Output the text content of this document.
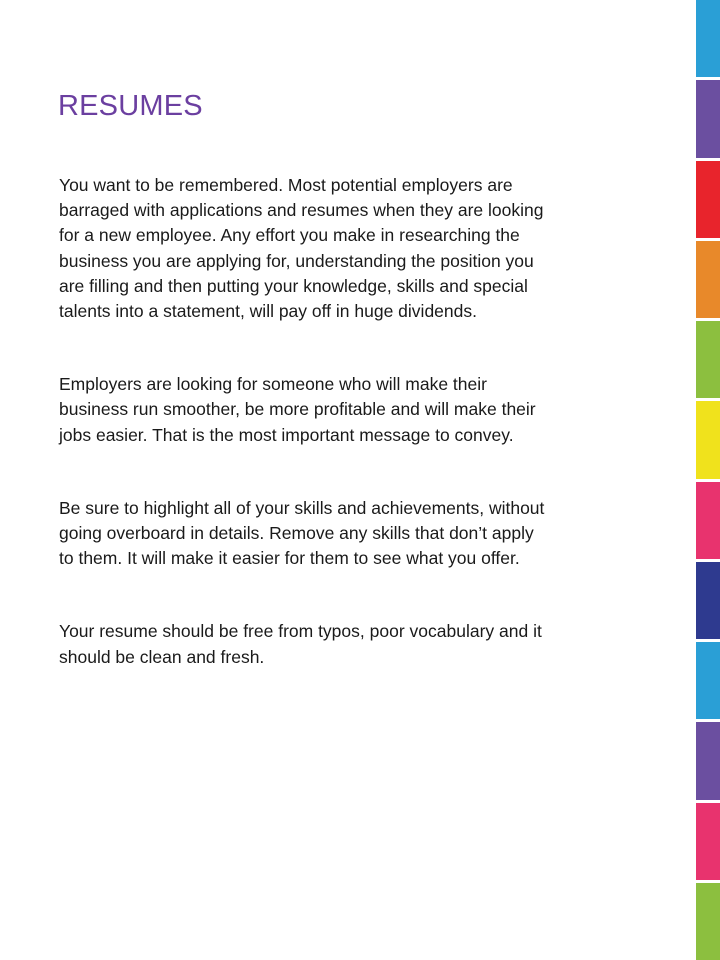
RESUMES

You want to be remembered. Most potential employers are
barraged with applications and resumes when they are looking
for a new employee. Any effort you make in researching the
business you are applying for, understanding the position you
are filling and then putting your knowledge, skills and special
talents into a statement, will pay off in huge dividends.

Employers are looking for someone who will make their
business run smoother, be more profitable and will make their
jobs easier. That is the most important message to convey.

Be sure to highlight all of your skills and achievements, without
going overboard in details. Remove any skills that don’t apply
to them. It will make it easier for them to see what you offer.

Your resume should be free from typos, poor vocabulary and it
should be clean and fresh.
